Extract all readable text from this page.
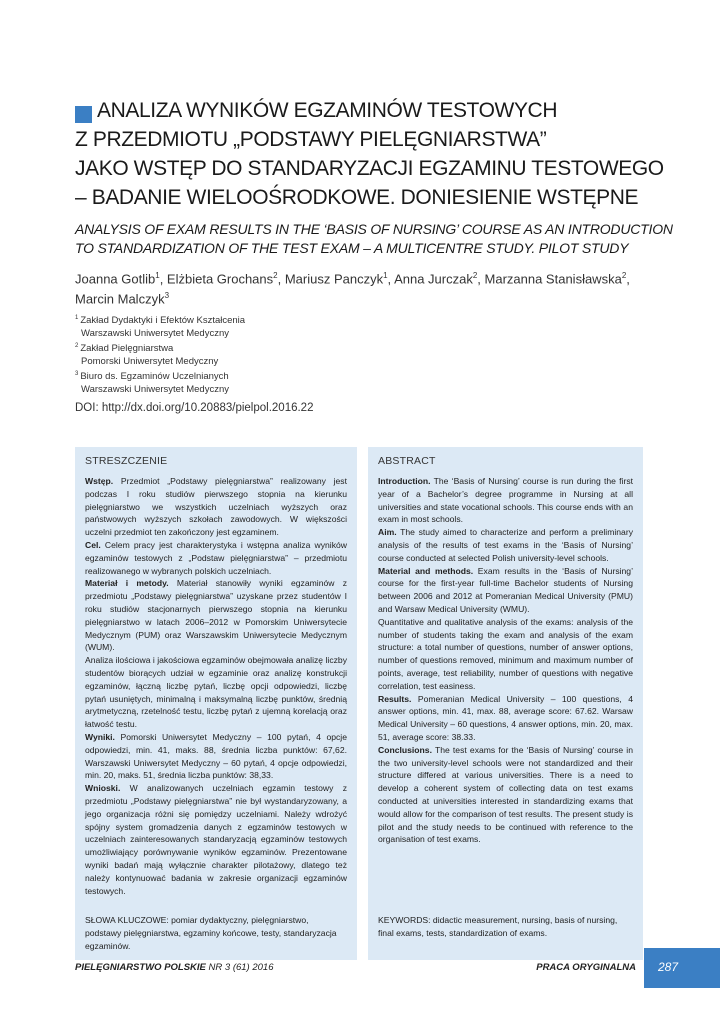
ANALIZA WYNIKÓW EGZAMINÓW TESTOWYCH
Z PRZEDMIOTU „PODSTAWY PIELĘGNIARSTWA”
JAKO WSTĘP DO STANDARYZACJI EGZAMINU TESTOWEGO
– BADANIE WIELOOŚRODKOWE. DONIESIENIE WSTĘPNE
ANALYSIS OF EXAM RESULTS IN THE ‘BASIS OF NURSING’ COURSE AS AN INTRODUCTION
TO STANDARDIZATION OF THE TEST EXAM – A MULTICENTRE STUDY. PILOT STUDY
Joanna Gotlib$^1$, Elżbieta Grochans$^2$, Mariusz Panczyk$^1$, Anna Jurczak$^2$, Marzanna Stanisławska$^2$,
Marcin Malczyk$^3$
$^1$ Zakład Dydaktyki i Efektów Kształcenia
Warszawski Uniwersytet Medyczny
$^2$ Zakład Pielęgniarstwa
Pomorski Uniwersytet Medyczny
$^3$ Biuro ds. Egzaminów Uczelnianych
Warszawski Uniwersytet Medyczny
DOI: http://dx.doi.org/10.20883/pielpol.2016.22
STRESZCZENIE

Wstęp. Przedmiot „Podstawy pielęgniarstwa” realizowany jest podczas I roku studiów pierwszego stopnia na kierunku pielęgniarstwo we wszystkich uczelniach wyższych oraz państwowych wyższych szkołach zawodowych. W większości uczelni przedmiot ten zakończony jest egzaminem.

Cel. Celem pracy jest charakterystyka i wstępna analiza wyników egzaminów testowych z „Podstaw pielęgniarstwa” – przedmiotu realizowanego w wybranych polskich uczelniach.

Materiał i metody. Materiał stanowiły wyniki egzaminów z przedmiotu „Podstawy pielęgniarstwa” uzyskane przez studentów I roku studiów stacjonarnych pierwszego stopnia na kierunku pielęgniarstwo w latach 2006–2012 w Pomorskim Uniwersytecie Medycznym (PUM) oraz Warszawskim Uniwersytecie Medycznym (WUM).

Analiza ilościowa i jakościowa egzaminów obejmowała analizę liczby studentów biorących udział w egzaminie oraz analizę konstrukcji egzaminów, łączną liczbę pytań, liczbę opcji odpowiedzi, liczbę pytań usuniętych, minimalną i maksymalną liczbę punktów, średnią arytmetyczną, rzetelność testu, liczbę pytań z ujemną korelacją oraz łatwość testu.

Wyniki. Pomorski Uniwersytet Medyczny – 100 pytań, 4 opcje odpowiedzi, min. 41, maks. 88, średnia liczba punktów: 67,62. Warszawski Uniwersytet Medyczny – 60 pytań, 4 opcje odpowiedzi, min. 20, maks. 51, średnia liczba punktów: 38,33.

Wnioski. W analizowanych uczelniach egzamin testowy z przedmiotu „Podstawy pielęgniarstwa” nie był wystandaryzowany, a jego organizacja różni się pomiędzy uczelniami. Należy wdrożyć spójny system gromadzenia danych z egzaminów testowych w uczelniach zainteresowanych standaryzacją egzaminów testowych umożliwiający porównywanie wyników egzaminów. Prezentowane wyniki badań mają wyłącznie charakter pilotażowy, dlatego też należy kontynuować badania w zakresie organizacji egzaminów testowych.

SŁOWA KLUCZOWE: pomiar dydaktyczny, pielęgniarstwo, podstawy pielęgniarstwa, egzaminy końcowe, testy, standaryzacja egzaminów.
ABSTRACT

Introduction. The ‘Basis of Nursing’ course is run during the first year of a Bachelor’s degree programme in Nursing at all universities and state vocational schools. This course ends with an exam in most schools.

Aim. The study aimed to characterize and perform a preliminary analysis of the results of test exams in the ‘Basis of Nursing’ course conducted at selected Polish university-level schools.

Material and methods. Exam results in the ‘Basis of Nursing’ course for the first-year full-time Bachelor students of Nursing between 2006 and 2012 at Pomeranian Medical University (PMU) and Warsaw Medical University (WMU).

Quantitative and qualitative analysis of the exams: analysis of the number of students taking the exam and analysis of the exam structure: a total number of questions, number of answer options, number of questions removed, minimum and maximum number of points, average, test reliability, number of questions with negative correlation, test easiness.

Results. Pomeranian Medical University – 100 questions, 4 answer options, min. 41, max. 88, average score: 67.62. Warsaw Medical University – 60 questions, 4 answer options, min. 20, max. 51, average score: 38.33.

Conclusions. The test exams for the ‘Basis of Nursing’ course in the two university-level schools were not standardized and their structure differed at various universities. There is a need to develop a coherent system of collecting data on test exams conducted at universities interested in standardizing exams that would allow for the comparison of test results. The present study is pilot and the study needs to be continued with reference to the organisation of test exams.

KEYWORDS: didactic measurement, nursing, basis of nursing, final exams, tests, standardization of exams.
PIELĘGNIARSTWO POLSKIE NR 3 (61) 2016	PRACA ORYGINALNA 287
